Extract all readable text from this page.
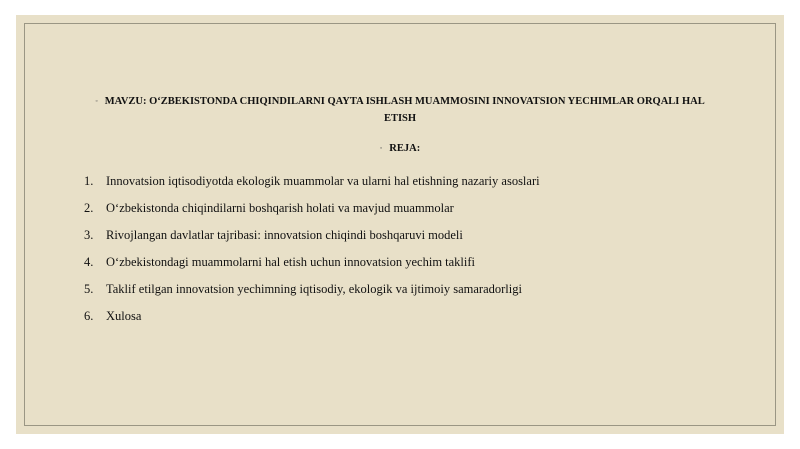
◦ MAVZU: O‘ZBEKISTONDA CHIQINDILARNI QAYTA ISHLASH MUAMMOSINI INNOVATSION YECHIMLAR ORQALI HAL
ETISH
◦ REJA:
1. Innovatsion iqtisodiyotda ekologik muammolar va ularni hal etishning nazariy asoslari
2. O‘zbekistonda chiqindilarni boshqarish holati va mavjud muammolar
3. Rivojlangan davlatlar tajribasi: innovatsion chiqindi boshqaruvi modeli
4. O‘zbekistondagi muammolarni hal etish uchun innovatsion yechim taklifi
5. Taklif etilgan innovatsion yechimning iqtisodiy, ekologik va ijtimoiy samaradorligi
6. Xulosa
